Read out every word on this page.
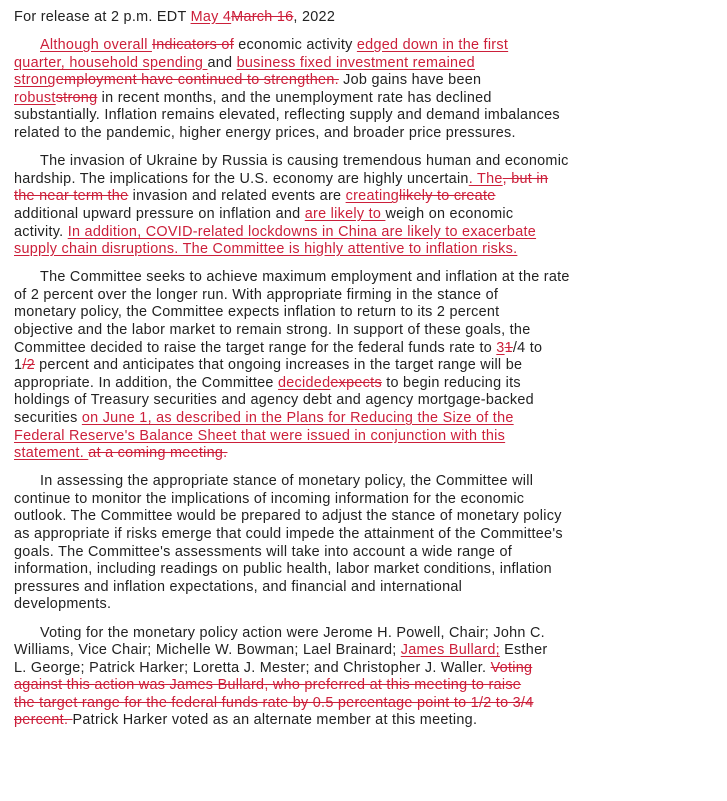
For release at 2 p.m. EDT May 4March 16, 2022
Although overall Indicators of economic activity edged down in the first
quarter, household spending and business fixed investment remained
strongemployment have continued to strengthen. Job gains have been
robuststrong in recent months, and the unemployment rate has declined
substantially. Inflation remains elevated, reflecting supply and demand imbalances
related to the pandemic, higher energy prices, and broader price pressures.
The invasion of Ukraine by Russia is causing tremendous human and economic
hardship. The implications for the U.S. economy are highly uncertain. The, but in
the near term the invasion and related events are creatinglikely to create
additional upward pressure on inflation and are likely to weigh on economic
activity. In addition, COVID-related lockdowns in China are likely to exacerbate
supply chain disruptions. The Committee is highly attentive to inflation risks.
The Committee seeks to achieve maximum employment and inflation at the rate
of 2 percent over the longer run. With appropriate firming in the stance of
monetary policy, the Committee expects inflation to return to its 2 percent
objective and the labor market to remain strong. In support of these goals, the
Committee decided to raise the target range for the federal funds rate to 31/4 to
1/2 percent and anticipates that ongoing increases in the target range will be
appropriate. In addition, the Committee decidedexpects to begin reducing its
holdings of Treasury securities and agency debt and agency mortgage-backed
securities on June 1, as described in the Plans for Reducing the Size of the
Federal Reserve's Balance Sheet that were issued in conjunction with this
statement. at a coming meeting.
In assessing the appropriate stance of monetary policy, the Committee will
continue to monitor the implications of incoming information for the economic
outlook. The Committee would be prepared to adjust the stance of monetary policy
as appropriate if risks emerge that could impede the attainment of the Committee's
goals. The Committee's assessments will take into account a wide range of
information, including readings on public health, labor market conditions, inflation
pressures and inflation expectations, and financial and international
developments.
Voting for the monetary policy action were Jerome H. Powell, Chair; John C.
Williams, Vice Chair; Michelle W. Bowman; Lael Brainard; James Bullard; Esther
L. George; Patrick Harker; Loretta J. Mester; and Christopher J. Waller. Voting
against this action was James Bullard, who preferred at this meeting to raise
the target range for the federal funds rate by 0.5 percentage point to 1/2 to 3/4
percent. Patrick Harker voted as an alternate member at this meeting.
